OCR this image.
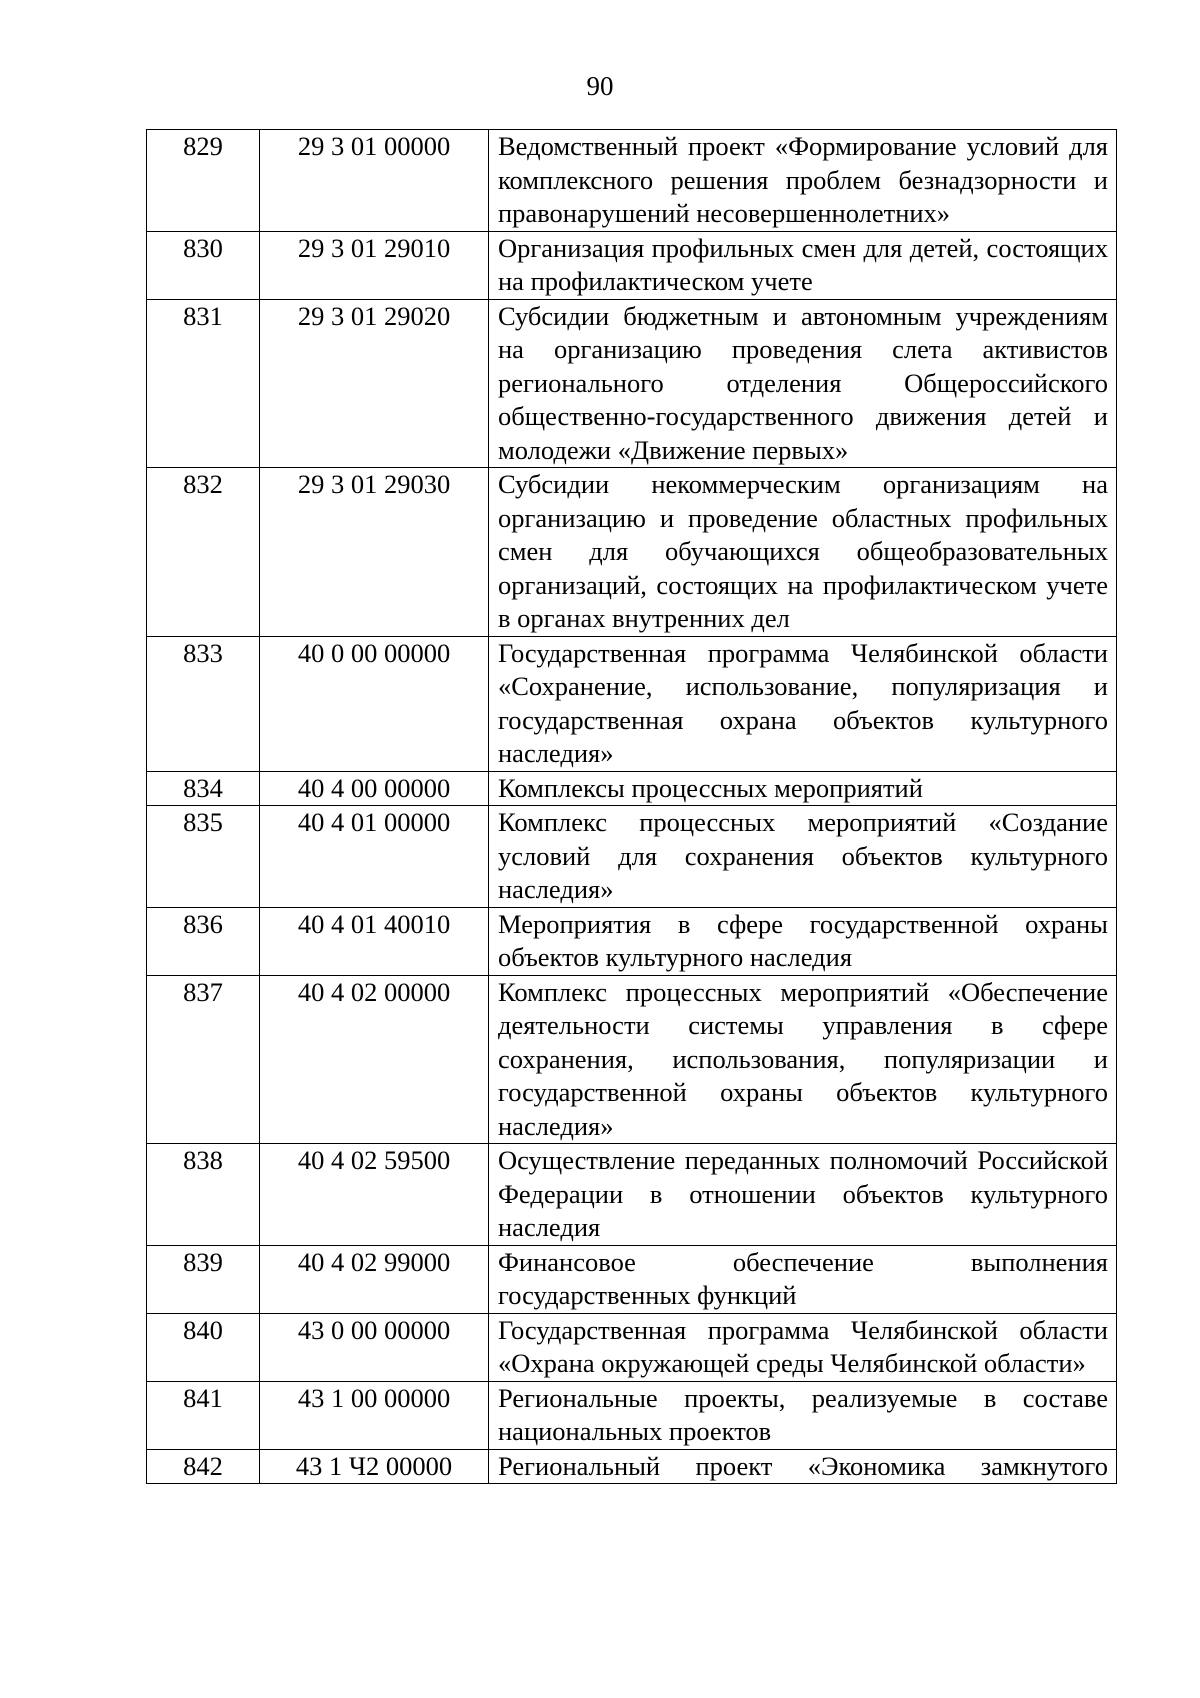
90
829	29 3 01 00000	Ведомственный проект «Формирование условий для комплексного решения проблем безнадзорности и правонарушений несовершеннолетних»
830	29 3 01 29010	Организация профильных смен для детей, состоящих на профилактическом учете
831	29 3 01 29020	Субсидии бюджетным и автономным учреждениям на организацию проведения слета активистов регионального отделения Общероссийского общественно-государственного движения детей и молодежи «Движение первых»
832	29 3 01 29030	Субсидии некоммерческим организациям на организацию и проведение областных профильных смен для обучающихся общеобразовательных организаций, состоящих на профилактическом учете в органах внутренних дел
833	40 0 00 00000	Государственная программа Челябинской области «Сохранение, использование, популяризация и государственная охрана объектов культурного наследия»
834	40 4 00 00000	Комплексы процессных мероприятий
835	40 4 01 00000	Комплекс процессных мероприятий «Создание условий для сохранения объектов культурного наследия»
836	40 4 01 40010	Мероприятия в сфере государственной охраны объектов культурного наследия
837	40 4 02 00000	Комплекс процессных мероприятий «Обеспечение деятельности системы управления в сфере сохранения, использования, популяризации и государственной охраны объектов культурного наследия»
838	40 4 02 59500	Осуществление переданных полномочий Российской Федерации в отношении объектов культурного наследия
839	40 4 02 99000	Финансовое обеспечение выполнения государственных функций
840	43 0 00 00000	Государственная программа Челябинской области «Охрана окружающей среды Челябинской области»
841	43 1 00 00000	Региональные проекты, реализуемые в составе национальных проектов
842	43 1 Ч2 00000	Региональный проект «Экономика замкнутого
